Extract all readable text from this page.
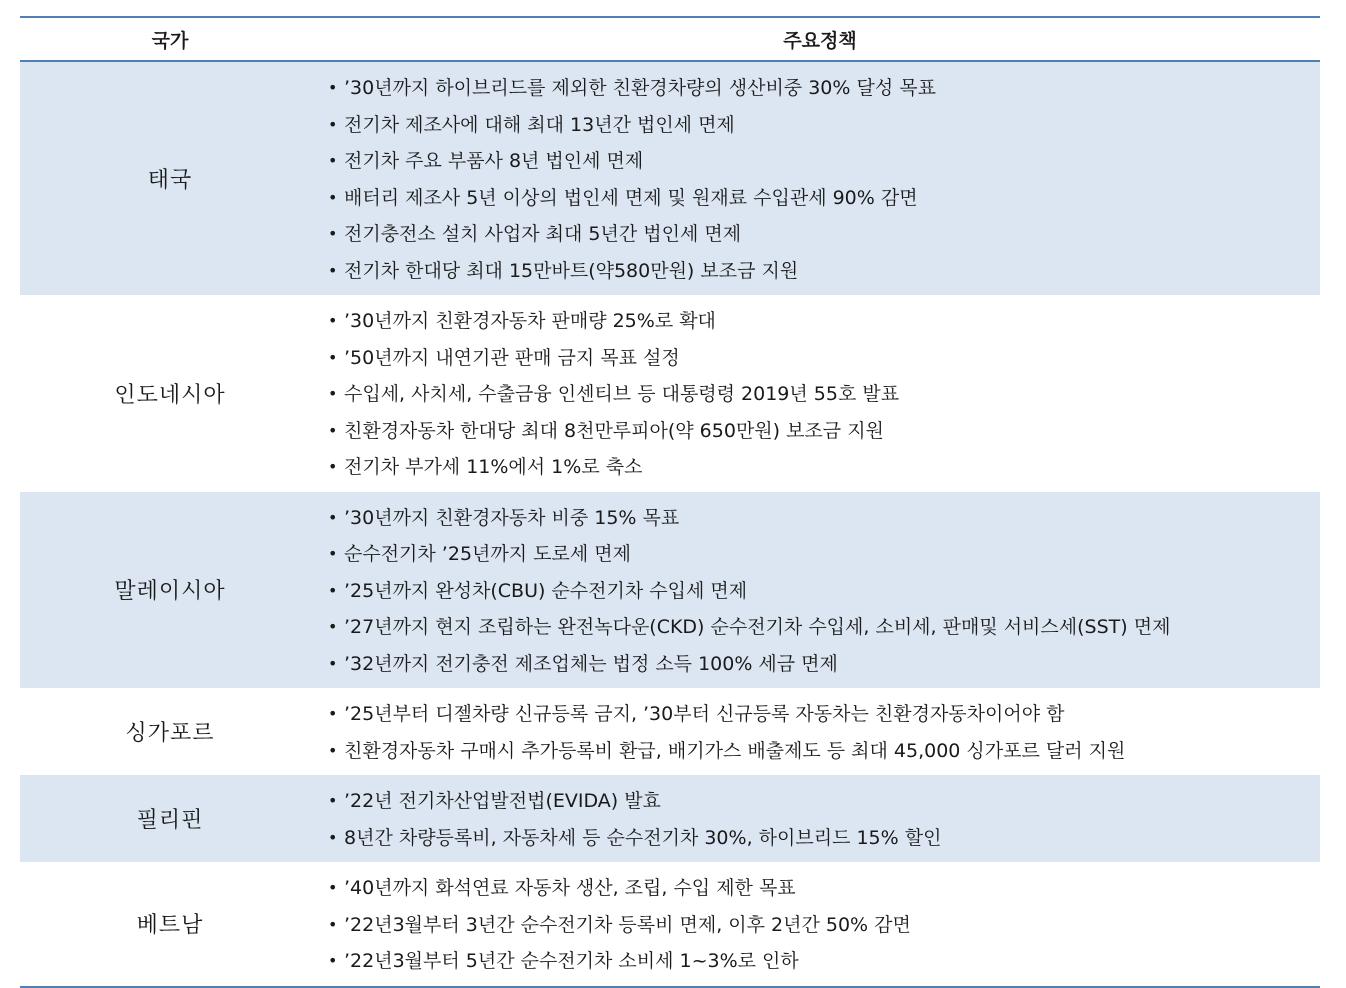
국가	주요정책
태국
• ’30년까지 하이브리드를 제외한 친환경차량의 생산비중 30% 달성 목표
• 전기차 제조사에 대해 최대 13년간 법인세 면제
• 전기차 주요 부품사 8년 법인세 면제
• 배터리 제조사 5년 이상의 법인세 면제 및 원재료 수입관세 90% 감면
• 전기충전소 설치 사업자 최대 5년간 법인세 면제
• 전기차 한대당 최대 15만바트(약580만원) 보조금 지원
인도네시아
• ’30년까지 친환경자동차 판매량 25%로 확대
• ’50년까지 내연기관 판매 금지 목표 설정
• 수입세, 사치세, 수출금융 인센티브 등 대통령령 2019년 55호 발표
• 친환경자동차 한대당 최대 8천만루피아(약 650만원) 보조금 지원
• 전기차 부가세 11%에서 1%로 축소
말레이시아
• ’30년까지 친환경자동차 비중 15% 목표
• 순수전기차 ’25년까지 도로세 면제
• ’25년까지 완성차(CBU) 순수전기차 수입세 면제
• ’27년까지 현지 조립하는 완전녹다운(CKD) 순수전기차 수입세, 소비세, 판매및 서비스세(SST) 면제
• ’32년까지 전기충전 제조업체는 법정 소득 100% 세금 면제
싱가포르
• ’25년부터 디젤차량 신규등록 금지, ’30부터 신규등록 자동차는 친환경자동차이어야 함
• 친환경자동차 구매시 추가등록비 환급, 배기가스 배출제도 등 최대 45,000 싱가포르 달러 지원
필리핀
• ’22년 전기차산업발전법(EVIDA) 발효
• 8년간 차량등록비, 자동차세 등 순수전기차 30%, 하이브리드 15% 할인
베트남
• ’40년까지 화석연료 자동차 생산, 조립, 수입 제한 목표
• ’22년3월부터 3년간 순수전기차 등록비 면제, 이후 2년간 50% 감면
• ’22년3월부터 5년간 순수전기차 소비세 1~3%로 인하
